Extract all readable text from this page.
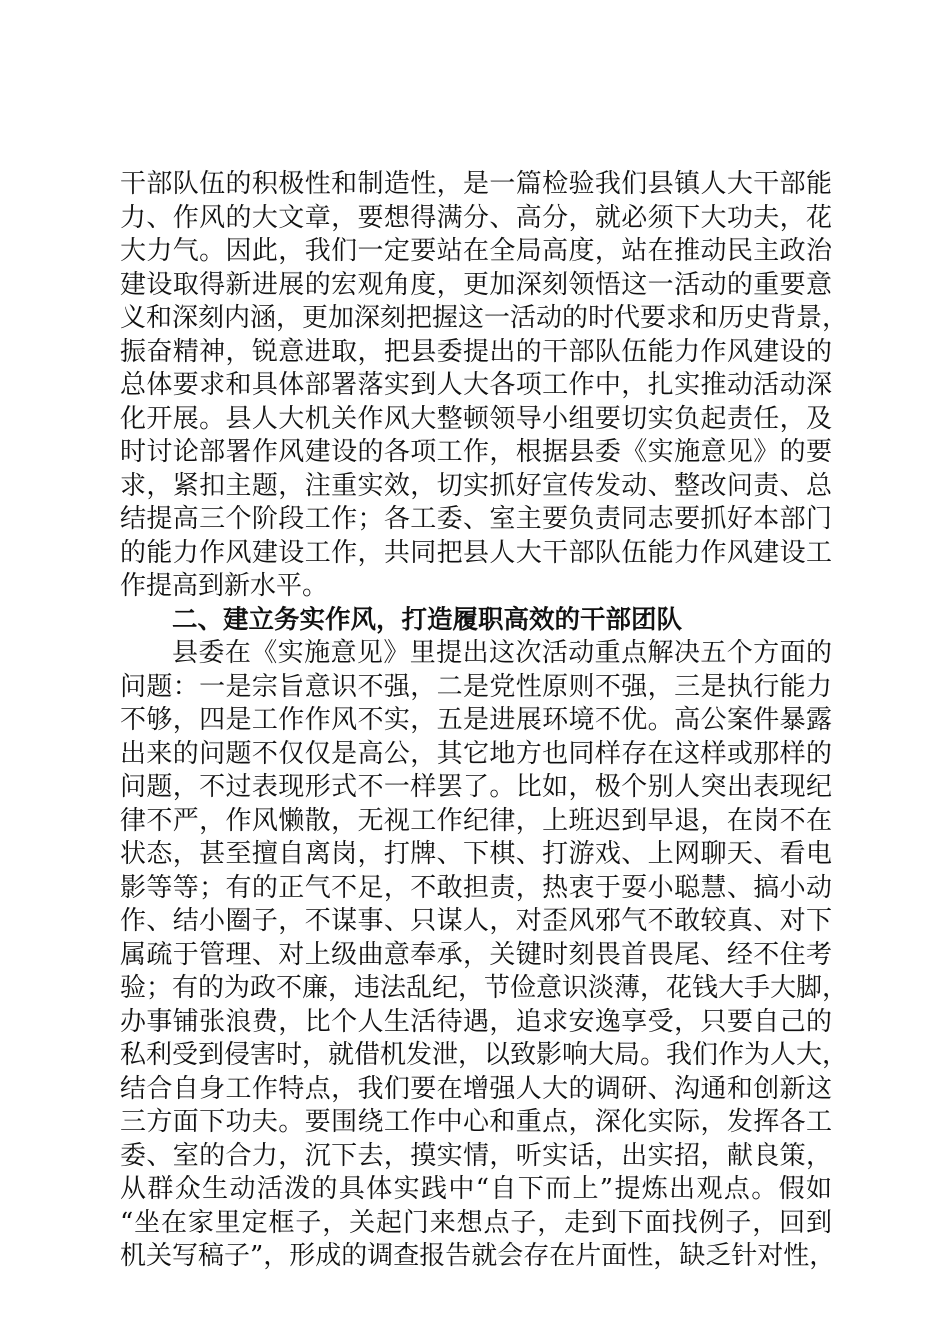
干部队伍的积极性和制造性，是一篇检验我们县镇人大干部能
力、作风的大文章，要想得满分、高分，就必须下大功夫，花
大力气。因此，我们一定要站在全局高度，站在推动民主政治
建设取得新进展的宏观角度，更加深刻领悟这一活动的重要意
义和深刻内涵，更加深刻把握这一活动的时代要求和历史背景，
振奋精神，锐意进取，把县委提出的干部队伍能力作风建设的
总体要求和具体部署落实到人大各项工作中，扎实推动活动深
化开展。县人大机关作风大整顿领导小组要切实负起责任，及
时讨论部署作风建设的各项工作，根据县委《实施意见》的要
求，紧扣主题，注重实效，切实抓好宣传发动、整改问责、总
结提高三个阶段工作；各工委、室主要负责同志要抓好本部门
的能力作风建设工作，共同把县人大干部队伍能力作风建设工
作提高到新水平。
二、建立务实作风，打造履职高效的干部团队
县委在《实施意见》里提出这次活动重点解决五个方面的
问题：一是宗旨意识不强，二是党性原则不强，三是执行能力
不够，四是工作作风不实，五是进展环境不优。高公案件暴露
出来的问题不仅仅是高公，其它地方也同样存在这样或那样的
问题，不过表现形式不一样罢了。比如，极个别人突出表现纪
律不严，作风懒散，无视工作纪律，上班迟到早退，在岗不在
状态，甚至擅自离岗，打牌、下棋、打游戏、上网聊天、看电
影等等；有的正气不足，不敢担责，热衷于耍小聪慧、搞小动
作、结小圈子，不谋事、只谋人，对歪风邪气不敢较真、对下
属疏于管理、对上级曲意奉承，关键时刻畏首畏尾、经不住考
验；有的为政不廉，违法乱纪，节俭意识淡薄，花钱大手大脚，
办事铺张浪费，比个人生活待遇，追求安逸享受，只要自己的
私利受到侵害时，就借机发泄，以致影响大局。我们作为人大，
结合自身工作特点，我们要在增强人大的调研、沟通和创新这
三方面下功夫。要围绕工作中心和重点，深化实际，发挥各工
委、室的合力，沉下去，摸实情，听实话，出实招，献良策，
从群众生动活泼的具体实践中“自下而上”提炼出观点。假如
“坐在家里定框子，关起门来想点子，走到下面找例子，回到
机关写稿子”，形成的调查报告就会存在片面性，缺乏针对性，
